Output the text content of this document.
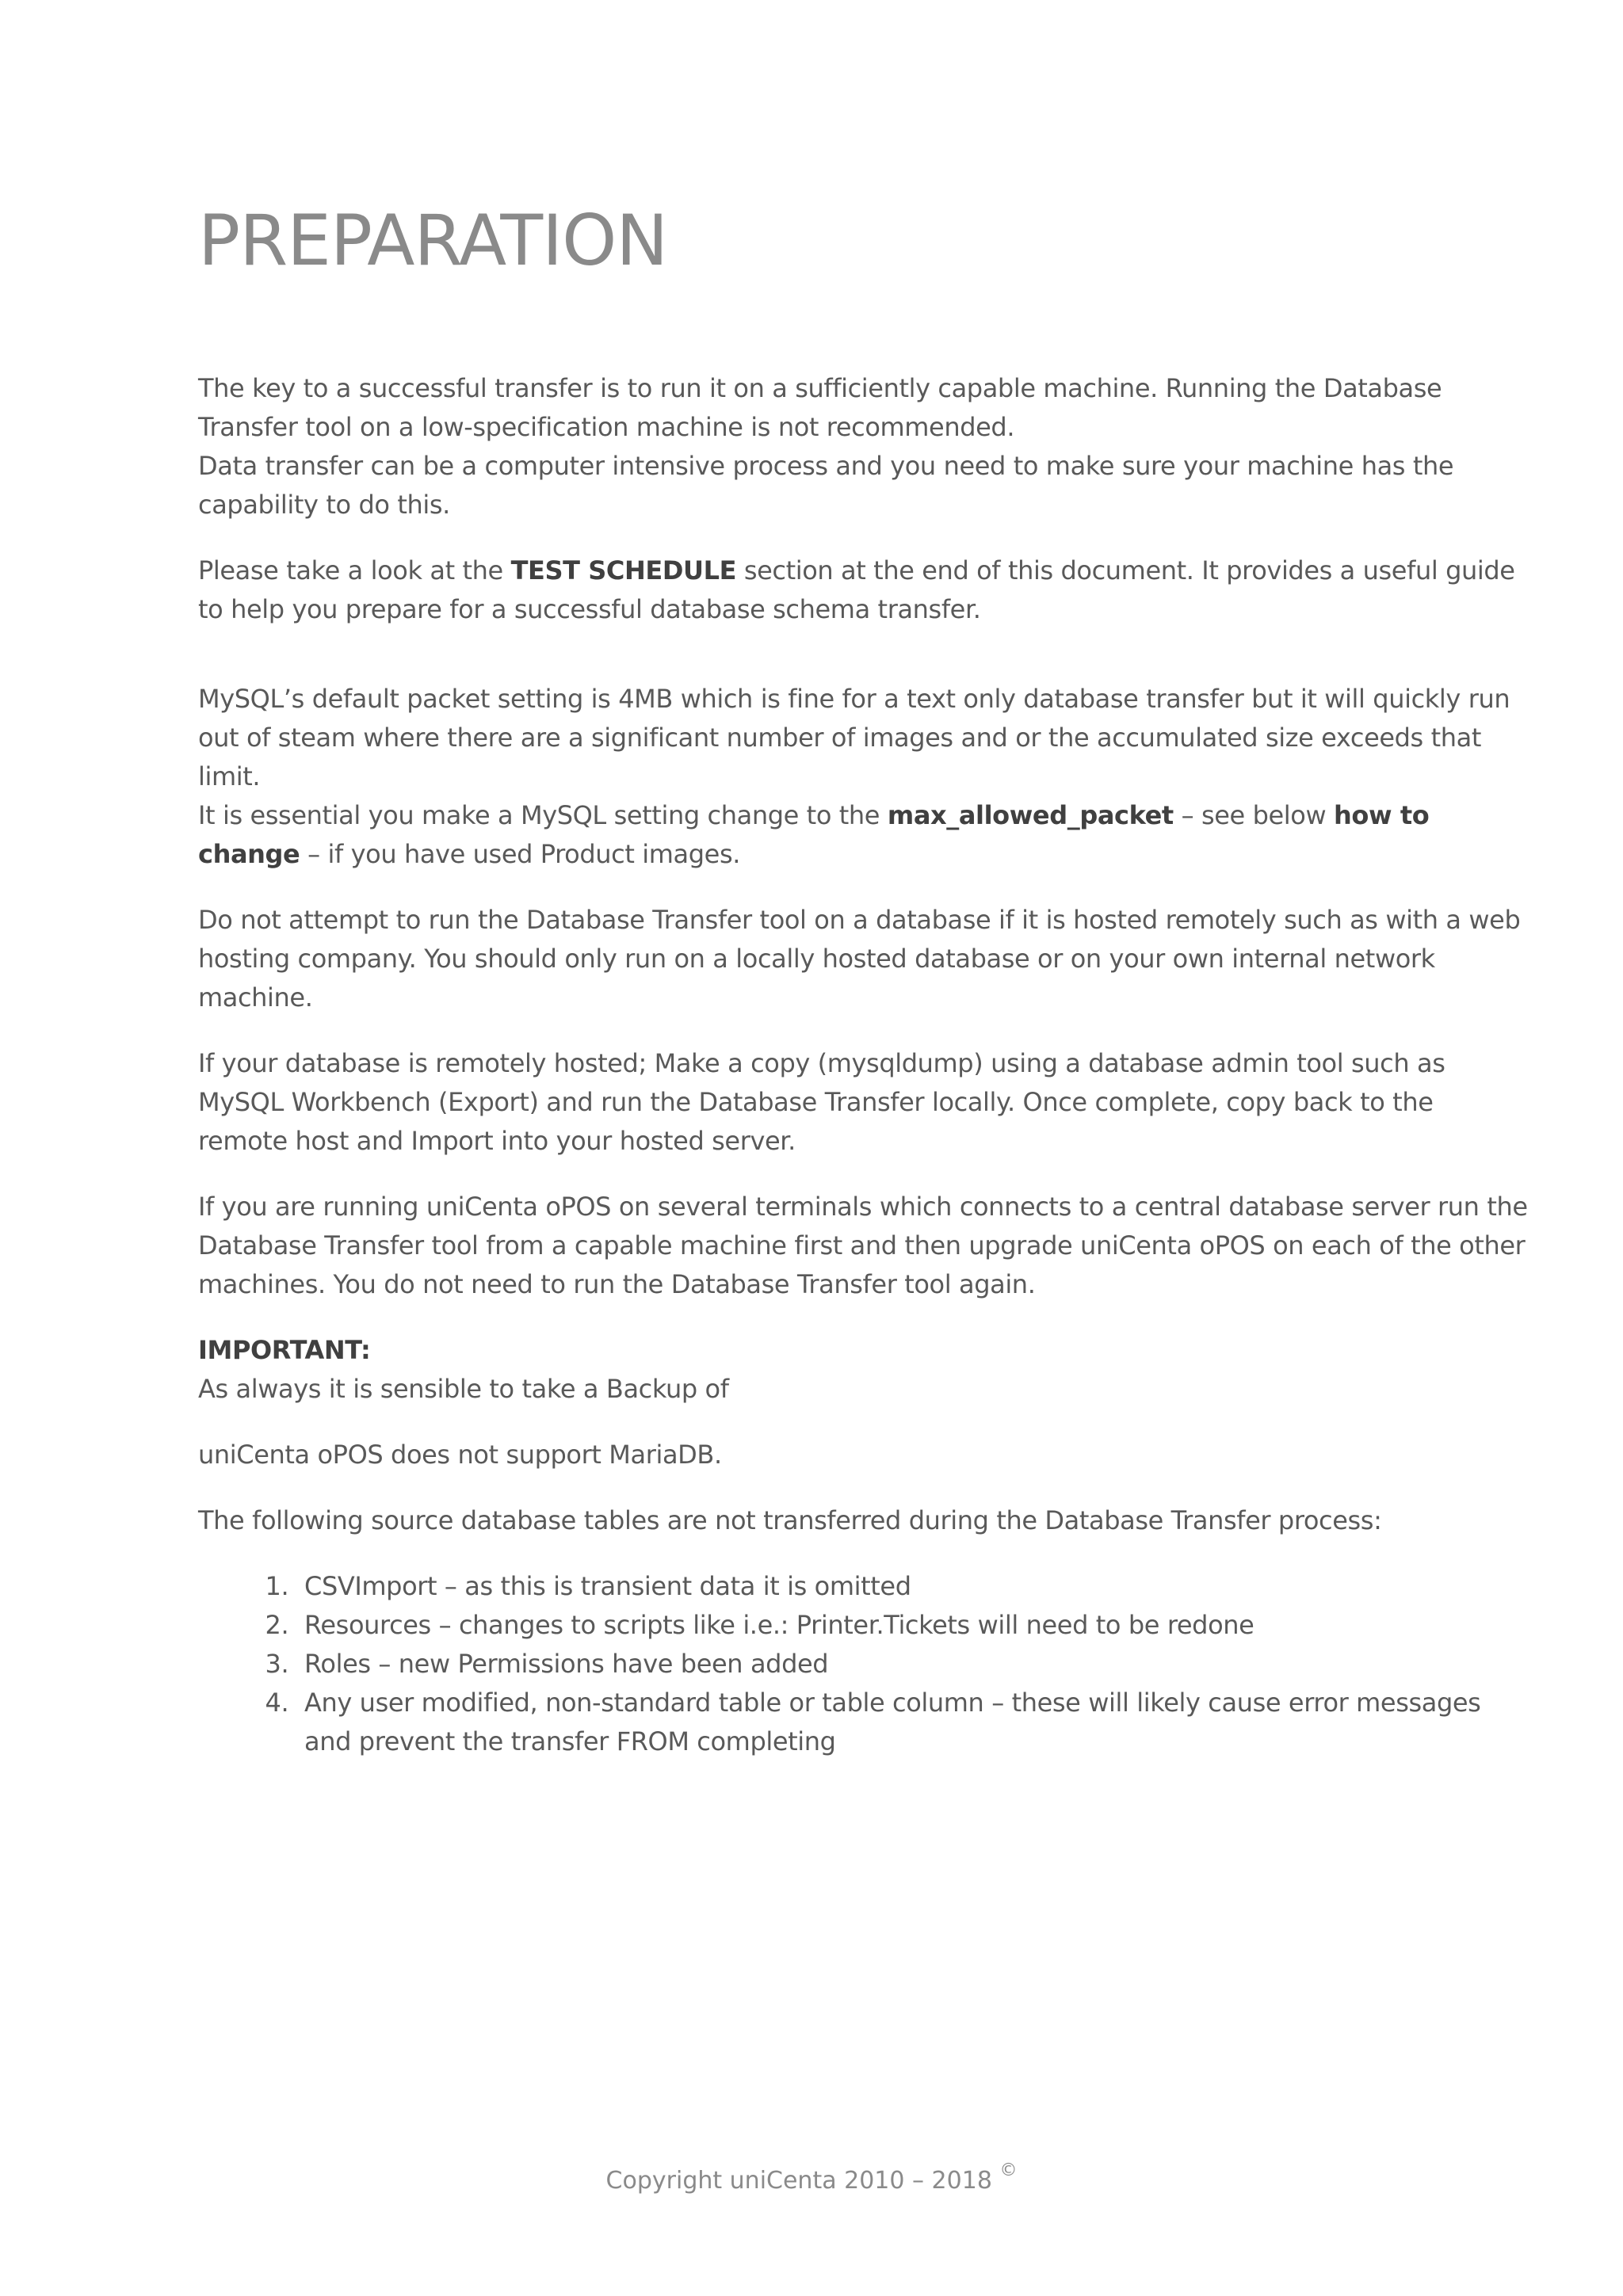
PREPARATION

The key to a successful transfer is to run it on a sufficiently capable machine. Running the Database Transfer tool on a low-specification machine is not recommended.
Data transfer can be a computer intensive process and you need to make sure your machine has the capability to do this.

Please take a look at the TEST SCHEDULE section at the end of this document. It provides a useful guide to help you prepare for a successful database schema transfer.

MySQL’s default packet setting is 4MB which is fine for a text only database transfer but it will quickly run out of steam where there are a significant number of images and or the accumulated size exceeds that limit.
It is essential you make a MySQL setting change to the max_allowed_packet – see below how to change – if you have used Product images.

Do not attempt to run the Database Transfer tool on a database if it is hosted remotely such as with a web hosting company. You should only run on a locally hosted database or on your own internal network machine.

If your database is remotely hosted; Make a copy (mysqldump) using a database admin tool such as MySQL Workbench (Export) and run the Database Transfer locally. Once complete, copy back to the remote host and Import into your hosted server.

If you are running uniCenta oPOS on several terminals which connects to a central database server run the Database Transfer tool from a capable machine first and then upgrade uniCenta oPOS on each of the other machines. You do not need to run the Database Transfer tool again.

IMPORTANT:

As always it is sensible to take a Backup of

uniCenta oPOS does not support MariaDB.

The following source database tables are not transferred during the Database Transfer process:

1. CSVImport – as this is transient data it is omitted
2. Resources – changes to scripts like i.e.: Printer.Tickets will need to be redone
3. Roles – new Permissions have been added
4. Any user modified, non-standard table or table column – these will likely cause error messages and prevent the transfer FROM completing
Copyright uniCenta 2010 – 2018 ©
